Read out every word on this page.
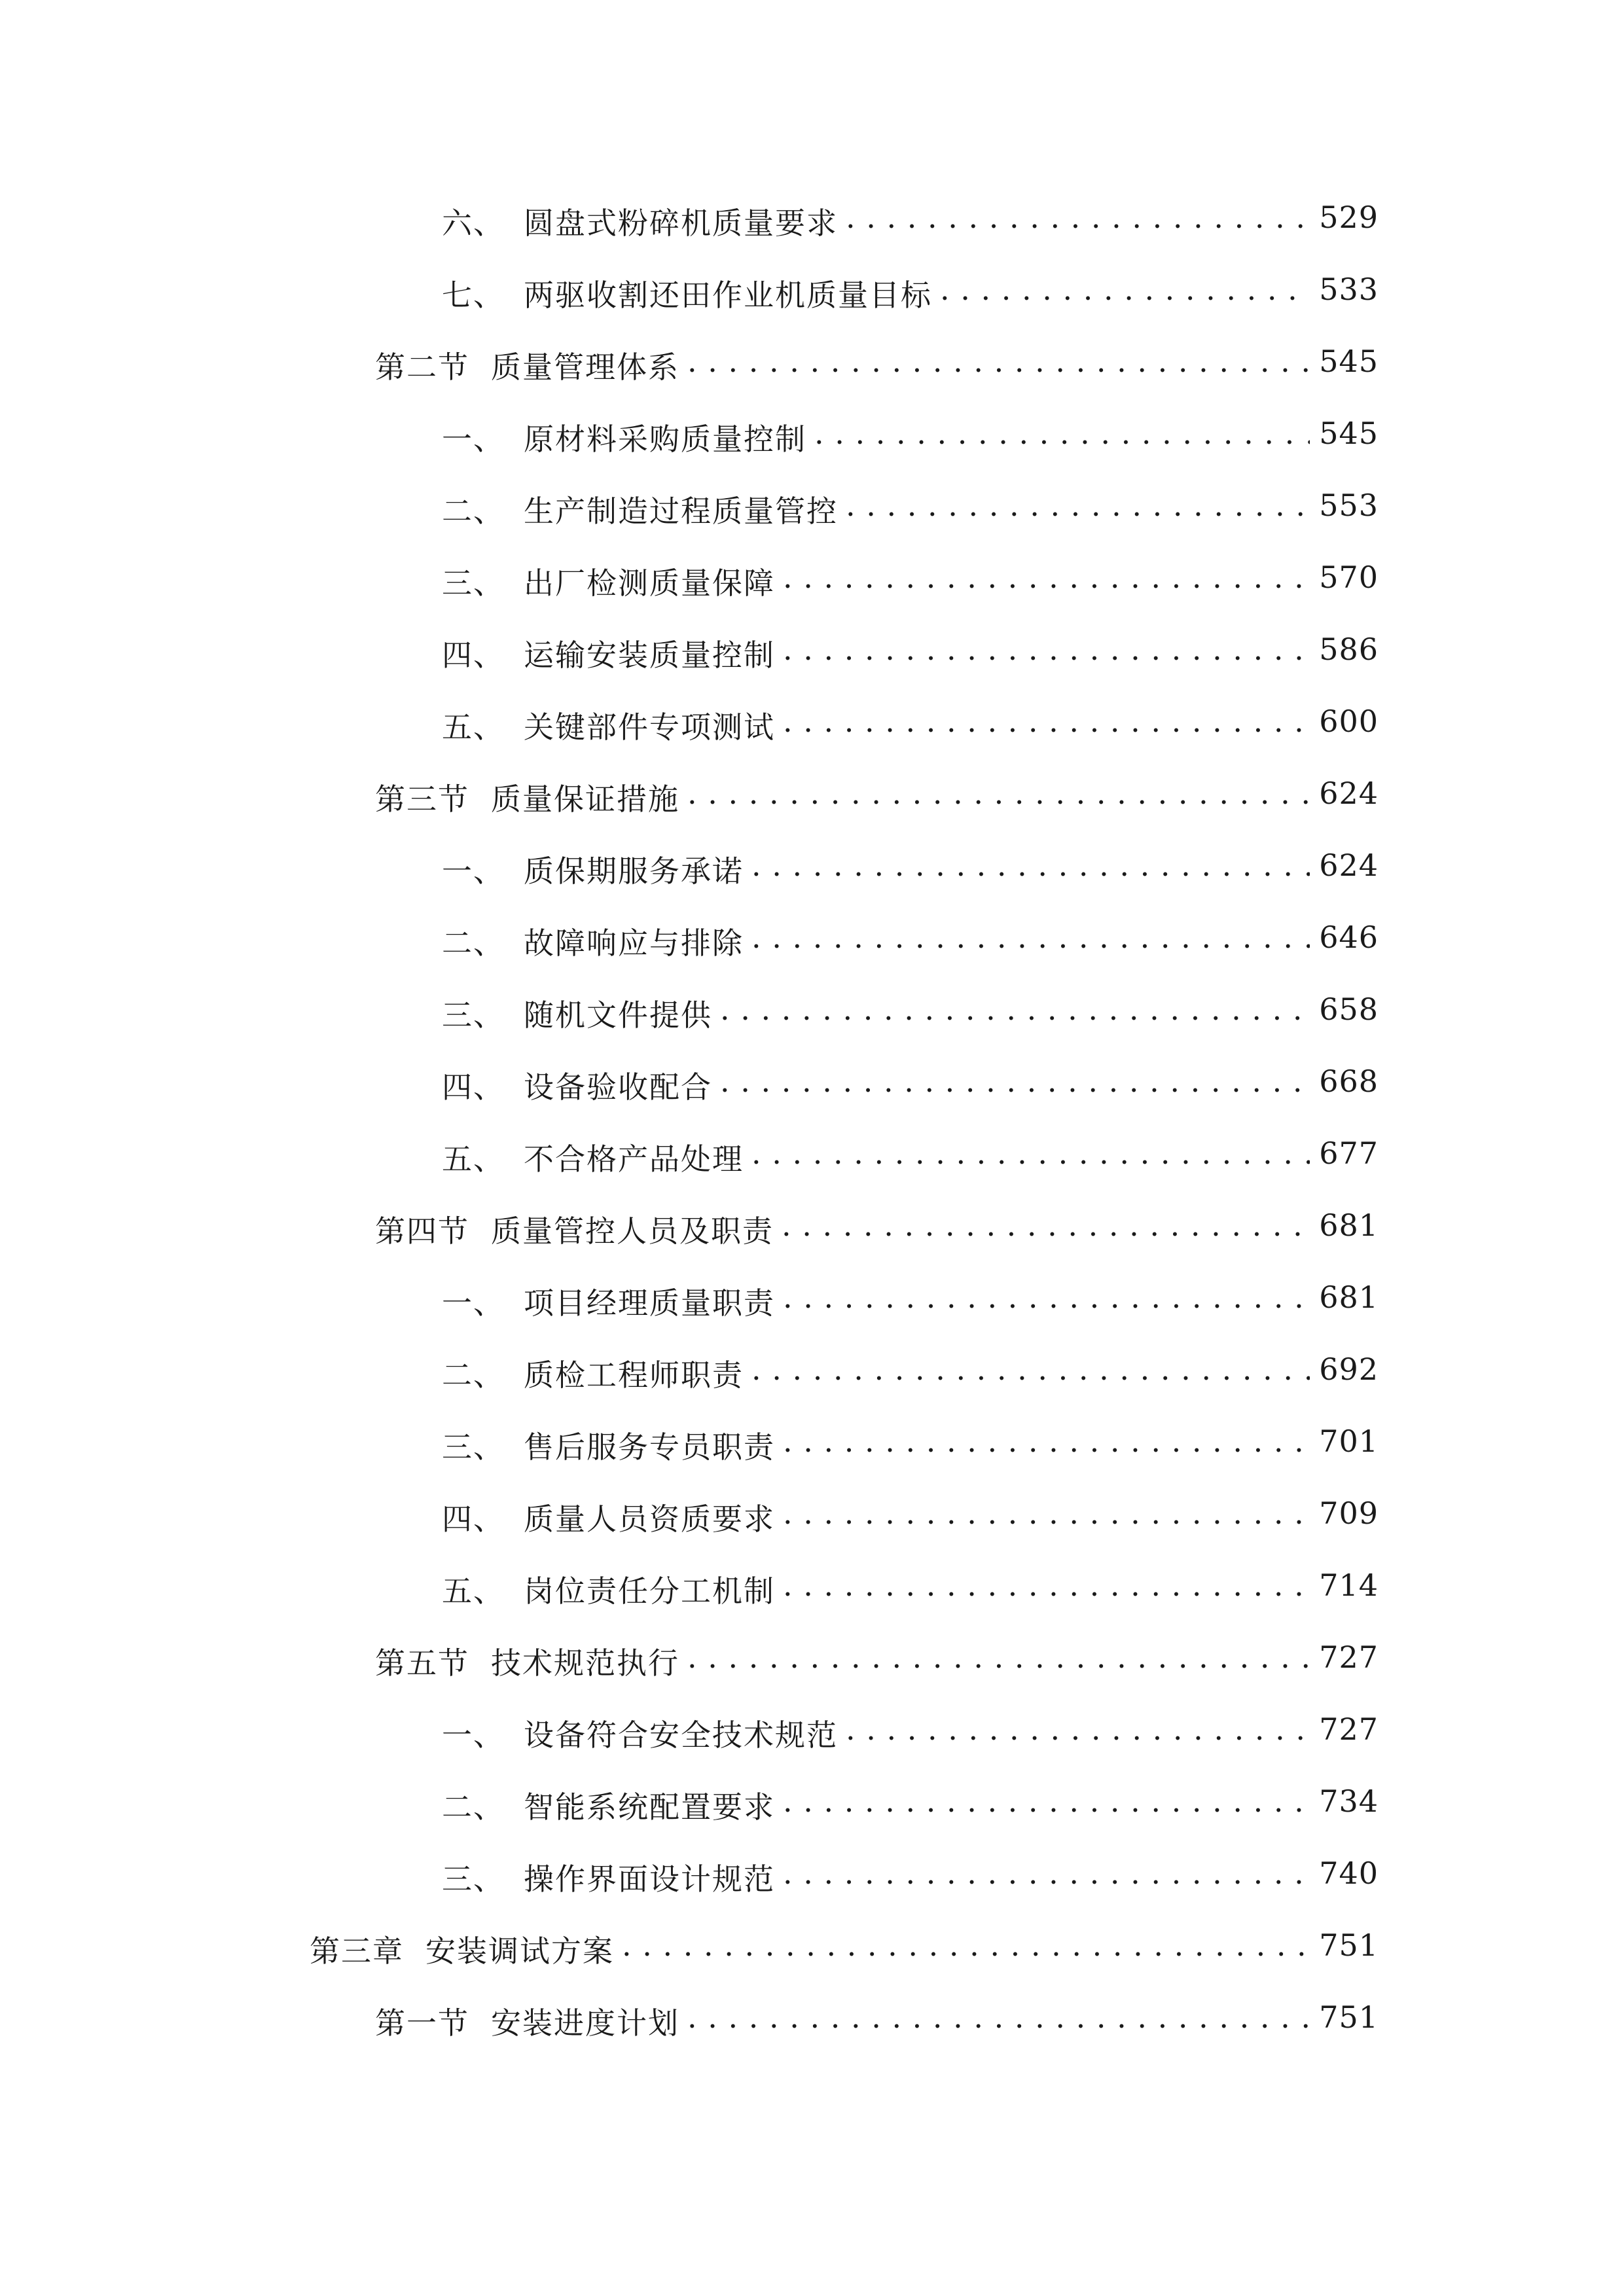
六、 圆盘式粉碎机质量要求 . . .	529
七、 两驱收割还田作业机质量目标 . . .	533
第二节 质量管理体系 . . .	545
一、 原材料采购质量控制 . . .	545
二、 生产制造过程质量管控 . . .	553
三、 出厂检测质量保障 . . .	570
四、 运输安装质量控制 . . .	586
五、 关键部件专项测试 . . .	600
第三节 质量保证措施 . . .	624
一、 质保期服务承诺 . . .	624
二、 故障响应与排除 . . .	646
三、 随机文件提供 . . .	658
四、 设备验收配合 . . .	668
五、 不合格产品处理 . . .	677
第四节 质量管控人员及职责 . . .	681
一、 项目经理质量职责 . . .	681
二、 质检工程师职责 . . .	692
三、 售后服务专员职责 . . .	701
四、 质量人员资质要求 . . .	709
五、 岗位责任分工机制 . . .	714
第五节 技术规范执行 . . .	727
一、 设备符合安全技术规范 . . .	727
二、 智能系统配置要求 . . .	734
三、 操作界面设计规范 . . .	740
第三章 安装调试方案 . . .	751
第一节 安装进度计划 . . .	751
